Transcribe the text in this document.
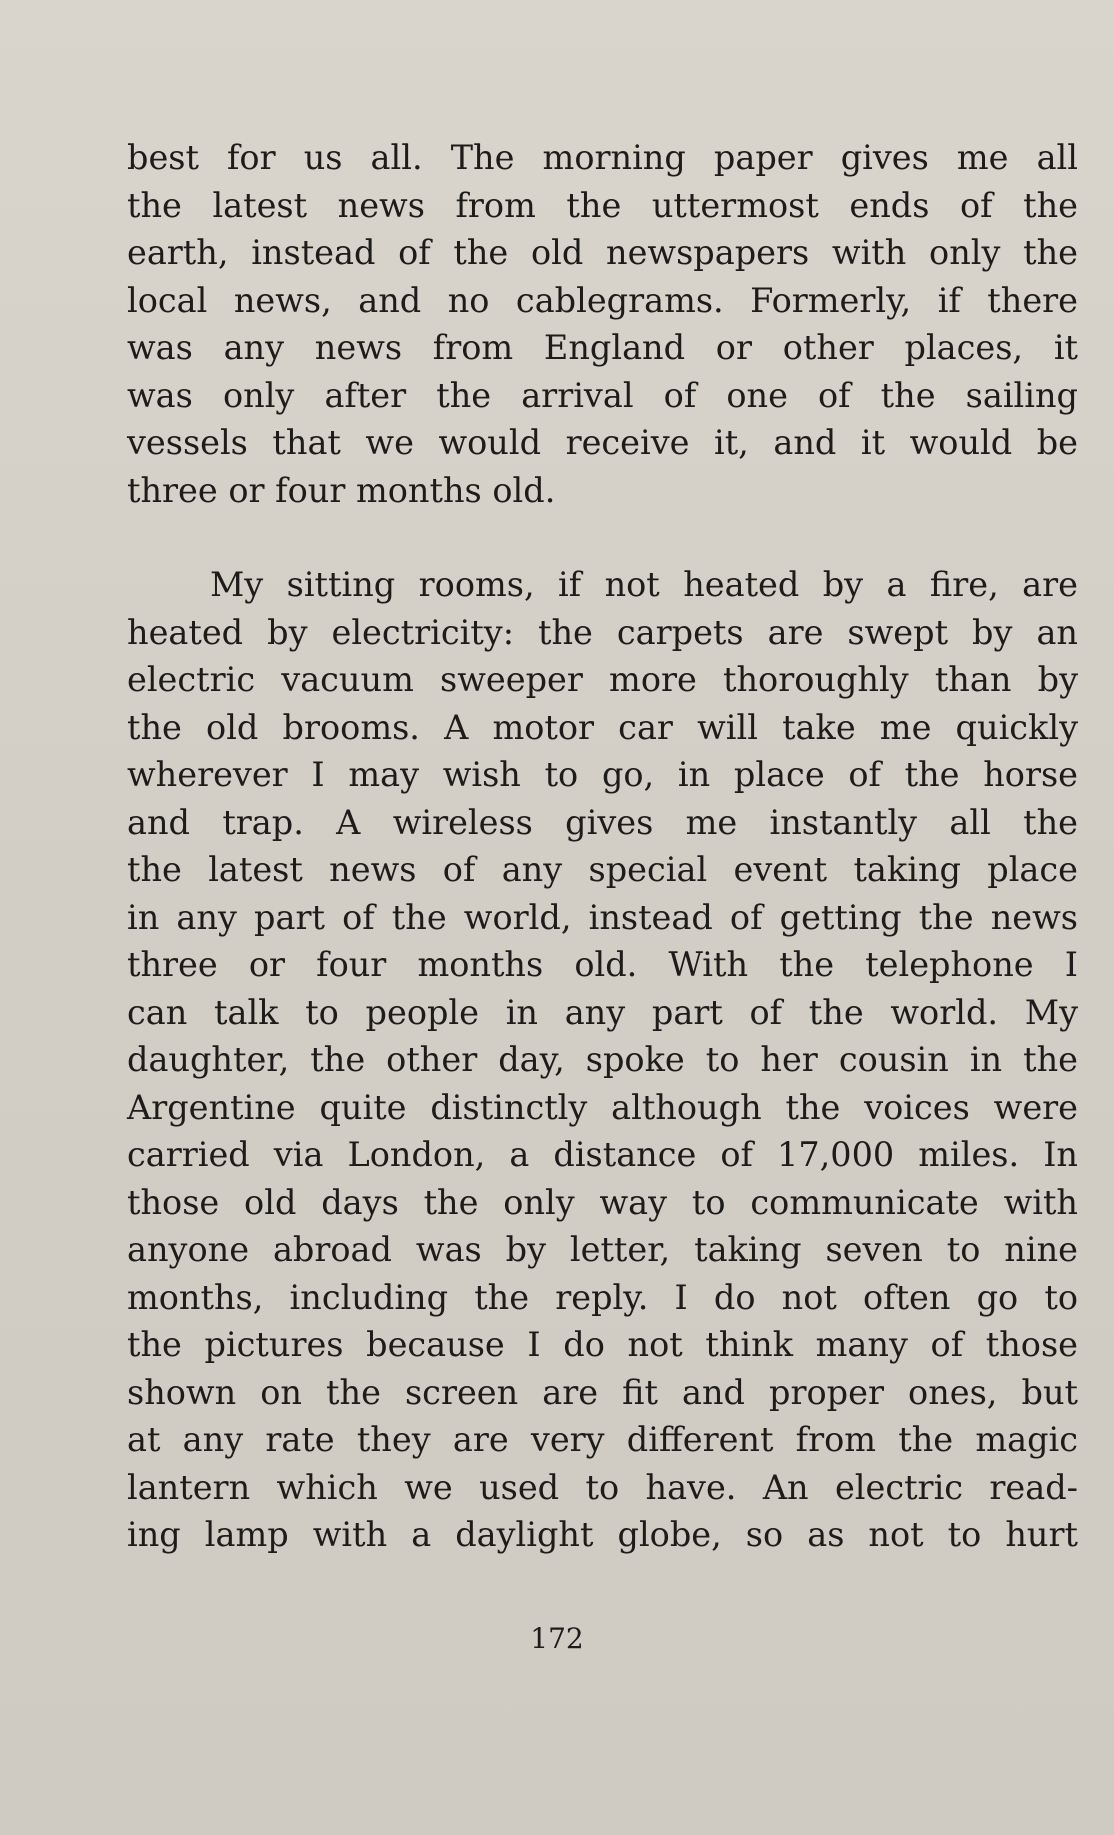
best for us all. The morning paper gives me all
the latest news from the uttermost ends of the
earth, instead of the old newspapers with only the
local news, and no cablegrams. Formerly, if there
was any news from England or other places, it
was only after the arrival of one of the sailing
vessels that we would receive it, and it would be
three or four months old.

My sitting rooms, if not heated by a fire, are
heated by electricity: the carpets are swept by an
electric vacuum sweeper more thoroughly than by
the old brooms. A motor car will take me quickly
wherever I may wish to go, in place of the horse
and trap. A wireless gives me instantly all the
the latest news of any special event taking place
in any part of the world, instead of getting the news
three or four months old. With the telephone I
can talk to people in any part of the world. My
daughter, the other day, spoke to her cousin in the
Argentine quite distinctly although the voices were
carried via London, a distance of 17,000 miles. In
those old days the only way to communicate with
anyone abroad was by letter, taking seven to nine
months, including the reply. I do not often go to
the pictures because I do not think many of those
shown on the screen are fit and proper ones, but
at any rate they are very different from the magic
lantern which we used to have. An electric read-
ing lamp with a daylight globe, so as not to hurt

172
